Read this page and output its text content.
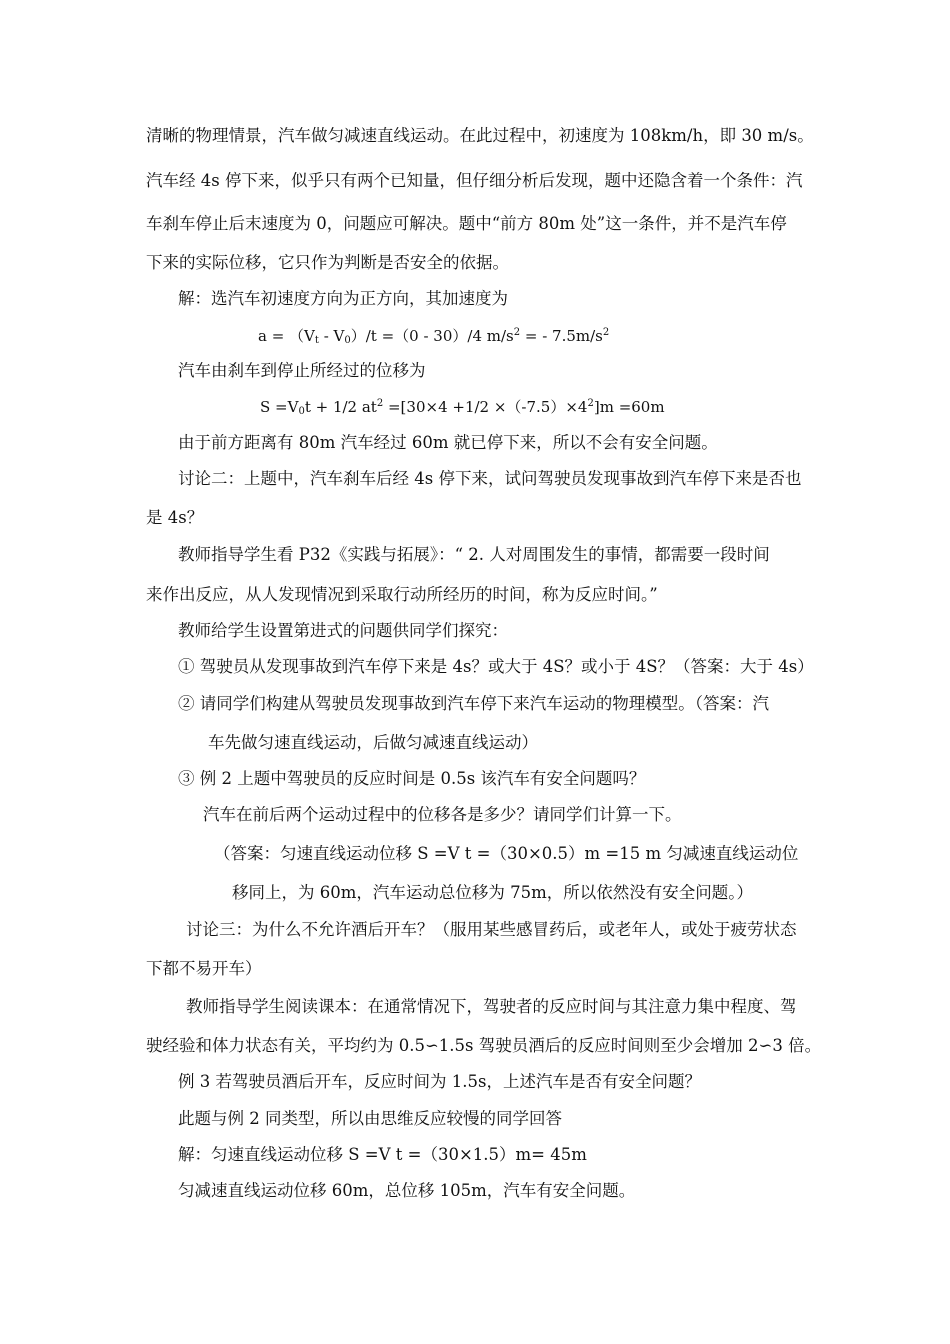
清晰的物理情景，汽车做匀减速直线运动。在此过程中，初速度为 108km/h，即 30 m/s。
汽车经 4s 停下来，似乎只有两个已知量，但仔细分析后发现，题中还隐含着一个条件：汽
车刹车停止后末速度为 0，问题应可解决。题中“前方 80m 处”这一条件，并不是汽车停
下来的实际位移，它只作为判断是否安全的依据。
解：选汽车初速度方向为正方向，其加速度为
$a = (V_t - V_0)/t =(0 - 30)/4$ $m/s^2$ = - $7.5m/s^2$
汽车由刹车到停止所经过的位移为
$S =V_0t + 1/2$ $at^2 =[30\times 4 +1/2 \times(-7.5)\times 4^2]m =60m$
由于前方距离有 80m 汽车经过 60m 就已停下来，所以不会有安全问题。
讨论二：上题中，汽车刹车后经 4s 停下来，试问驾驶员发现事故到汽车停下来是否也
是 4s？
教师指导学生看 P32《实践与拓展》：“ 2. 人对周围发生的事情，都需要一段时间
来作出反应，从人发现情况到采取行动所经历的时间，称为反应时间。”
教师给学生设置第进式的问题供同学们探究：
① 驾驶员从发现事故到汽车停下来是 4s？或大于 4S？或小于 4S？（答案：大于 4s）
② 请同学们构建从驾驶员发现事故到汽车停下来汽车运动的物理模型。（答案：汽
车先做匀速直线运动，后做匀减速直线运动）
③ 例 2 上题中驾驶员的反应时间是 0.5s 该汽车有安全问题吗？
汽车在前后两个运动过程中的位移各是多少？请同学们计算一下。
（答案：匀速直线运动位移 S =V t =（30×0.5）m =15 m 匀减速直线运动位
移同上，为 60m，汽车运动总位移为 75m，所以依然没有安全问题。）
讨论三：为什么不允许酒后开车？（服用某些感冒药后，或老年人，或处于疲劳状态
下都不易开车）
教师指导学生阅读课本：在通常情况下，驾驶者的反应时间与其注意力集中程度、驾
驶经验和体力状态有关，平均约为 0.5∽1.5s 驾驶员酒后的反应时间则至少会增加 2∽3 倍。
例 3 若驾驶员酒后开车，反应时间为 1.5s，上述汽车是否有安全问题？
此题与例 2 同类型，所以由思维反应较慢的同学回答
解：匀速直线运动位移 S =V t =（30×1.5）m= 45m
匀减速直线运动位移 60m，总位移 105m，汽车有安全问题。
